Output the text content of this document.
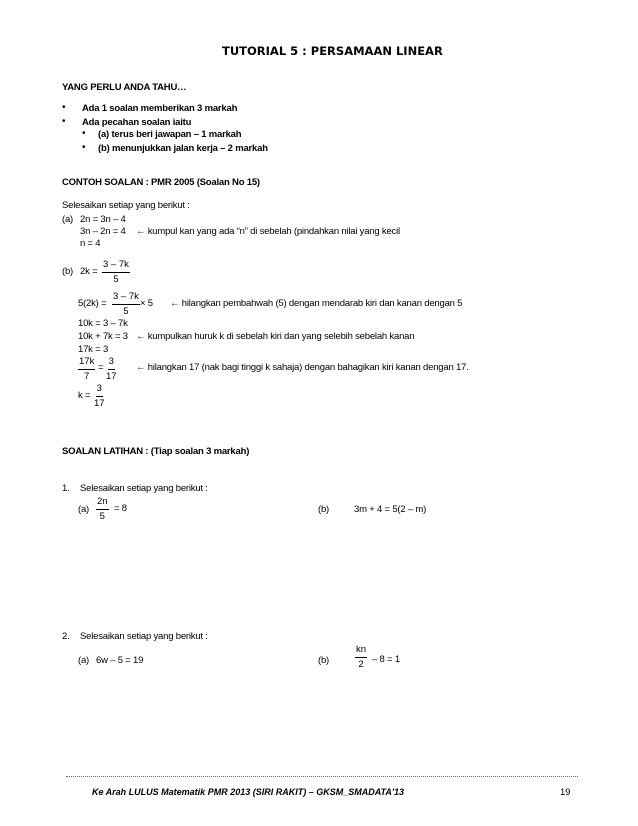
TUTORIAL 5 : PERSAMAAN LINEAR
YANG PERLU ANDA TAHU…
• Ada 1 soalan memberikan 3 markah
• Ada pecahan soalan iaitu
• (a) terus beri jawapan – 1 markah
• (b) menunjukkan jalan kerja – 2 markah
CONTOH SOALAN : PMR 2005 (Soalan No 15)
Selesaikan setiap yang berikut :
(a) 2n = 3n – 4
3n – 2n = 4 ← kumpul kan yang ada “n” di sebelah (pindahkan nilai yang kecil
n = 4
(b) $2k = \frac{3 - 7k}{5}$
$5(2k) = \frac{3 - 7k}{5} \times 5$ ← hilangkan pembahwah (5) dengan mendarab kiri dan kanan dengan 5
10k = 3 – 7k
10k + 7k = 3 ← kumpulkan huruk k di sebelah kiri dan yang selebih sebelah kanan
17k = 3
$\frac{17k}{7} = \frac{3}{17}$ ← hilangkan 17 (nak bagi tinggi k sahaja) dengan bahagikan kiri kanan dengan 17.
$k = \frac{3}{17}$
SOALAN LATIHAN : (Tiap soalan 3 markah)
1. Selesaikan setiap yang berikut :
$(a) \frac{2n}{5} = 8$	(b)	3m + 4 = 5(2 – m)
2. Selesaikan setiap yang berikut :
(a) 6w – 5 = 19	(b)	$\frac{kn}{2} - 8 = 1$
Ke Arah LULUS Matematik PMR 2013 (SIRI RAKIT) – GKSM_SMADATA'13	19
